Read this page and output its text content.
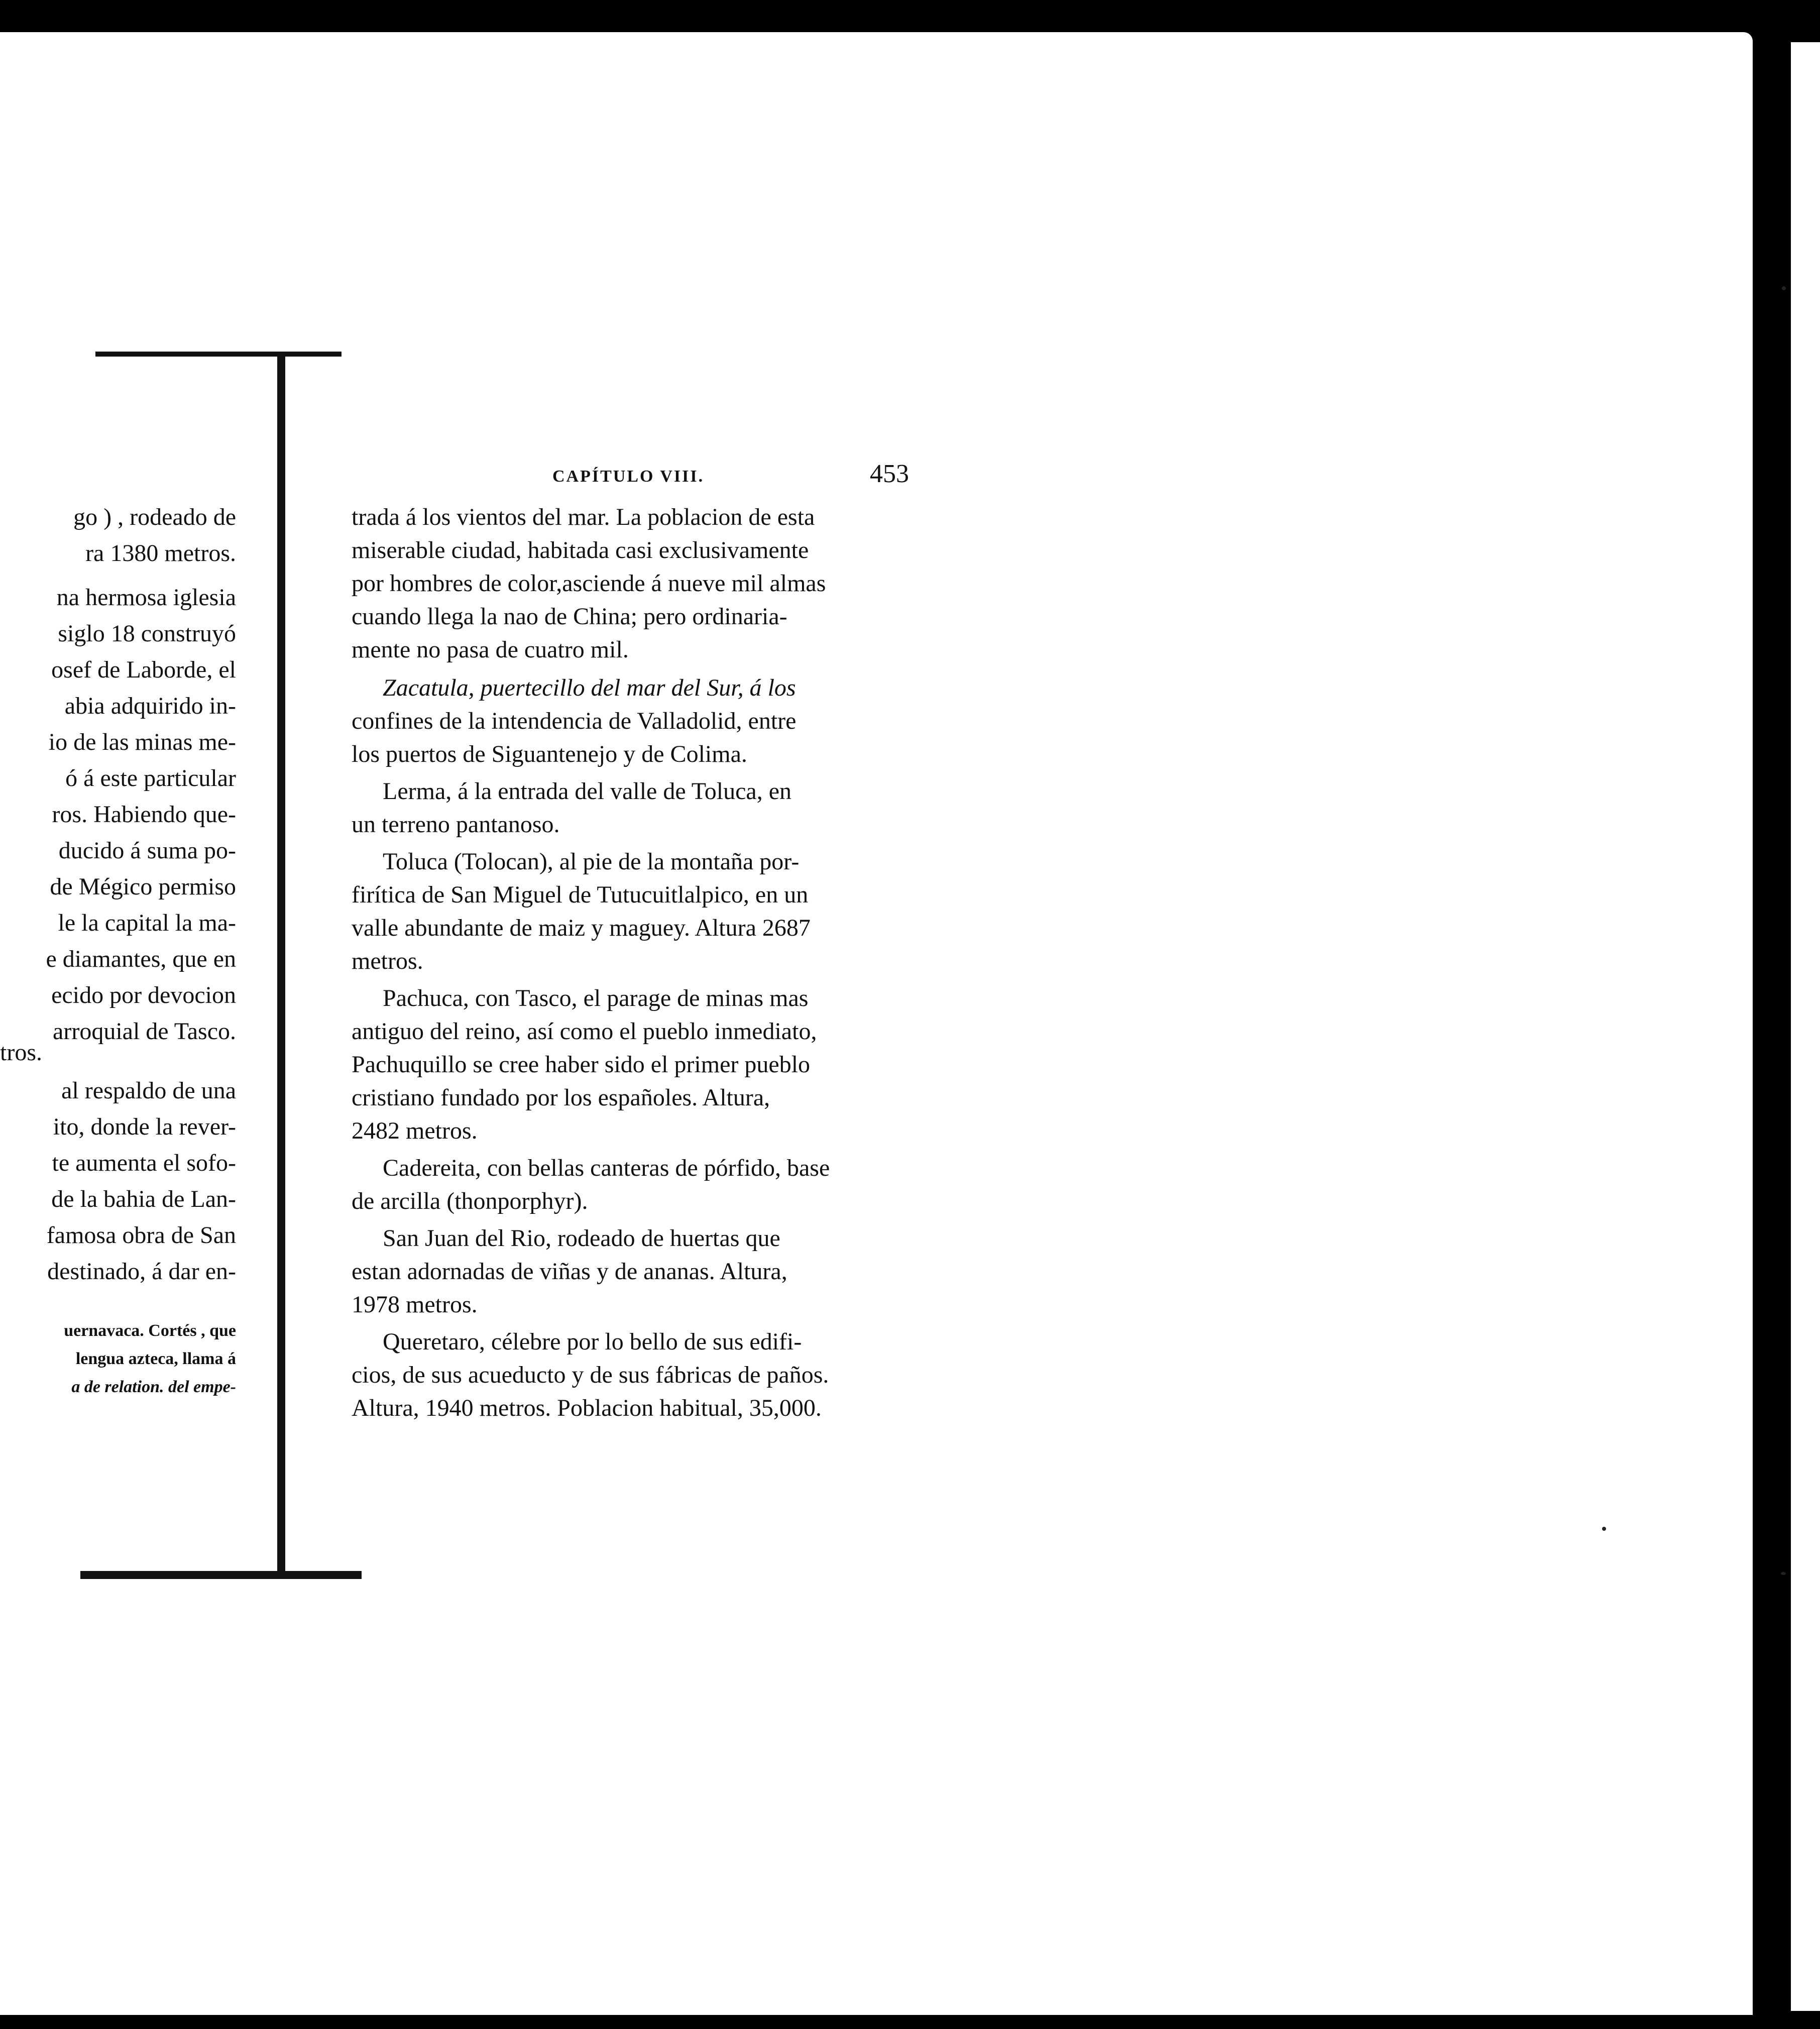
go ) , rodeado de
ra 1380 metros.
na hermosa iglesia
siglo 18 construyó
osef de Laborde, el
abia adquirido in-
io de las minas me-
ó á este particular
ros. Habiendo que-
ducido á suma po-
de Mégico permiso
le la capital la ma-
e diamantes, que en
ecido por devocion
arroquial de Tasco.
tros.
al respaldo de una
ito, donde la rever-
te aumenta el sofo-
de la bahia de Lan-
famosa obra de San
destinado, á dar en-
uernavaca. Cortés , que
lengua azteca, llama á
a de relation. del empe-
CAPÍTULO VIII.	453
trada á los vientos del mar. La poblacion de esta
miserable ciudad, habitada casi exclusivamente
por hombres de color,asciende á nueve mil almas
cuando llega la nao de China; pero ordinaria-
mente no pasa de cuatro mil.
Zacatula, puertecillo del mar del Sur, á los
confines de la intendencia de Valladolid, entre
los puertos de Siguantenejo y de Colima.
Lerma, á la entrada del valle de Toluca, en
un terreno pantanoso.
Toluca (Tolocan), al pie de la montaña por-
firítica de San Miguel de Tutucuitlalpico, en un
valle abundante de maiz y maguey. Altura 2687
metros.
Pachuca, con Tasco, el parage de minas mas
antiguo del reino, así como el pueblo inmediato,
Pachuquillo se cree haber sido el primer pueblo
cristiano fundado por los españoles. Altura,
2482 metros.
Cadereita, con bellas canteras de pórfido, base
de arcilla (thonporphyr).
San Juan del Rio, rodeado de huertas que
estan adornadas de viñas y de ananas. Altura,
1978 metros.
Queretaro, célebre por lo bello de sus edifi-
cios, de sus acueducto y de sus fábricas de paños.
Altura, 1940 metros. Poblacion habitual, 35,000.
